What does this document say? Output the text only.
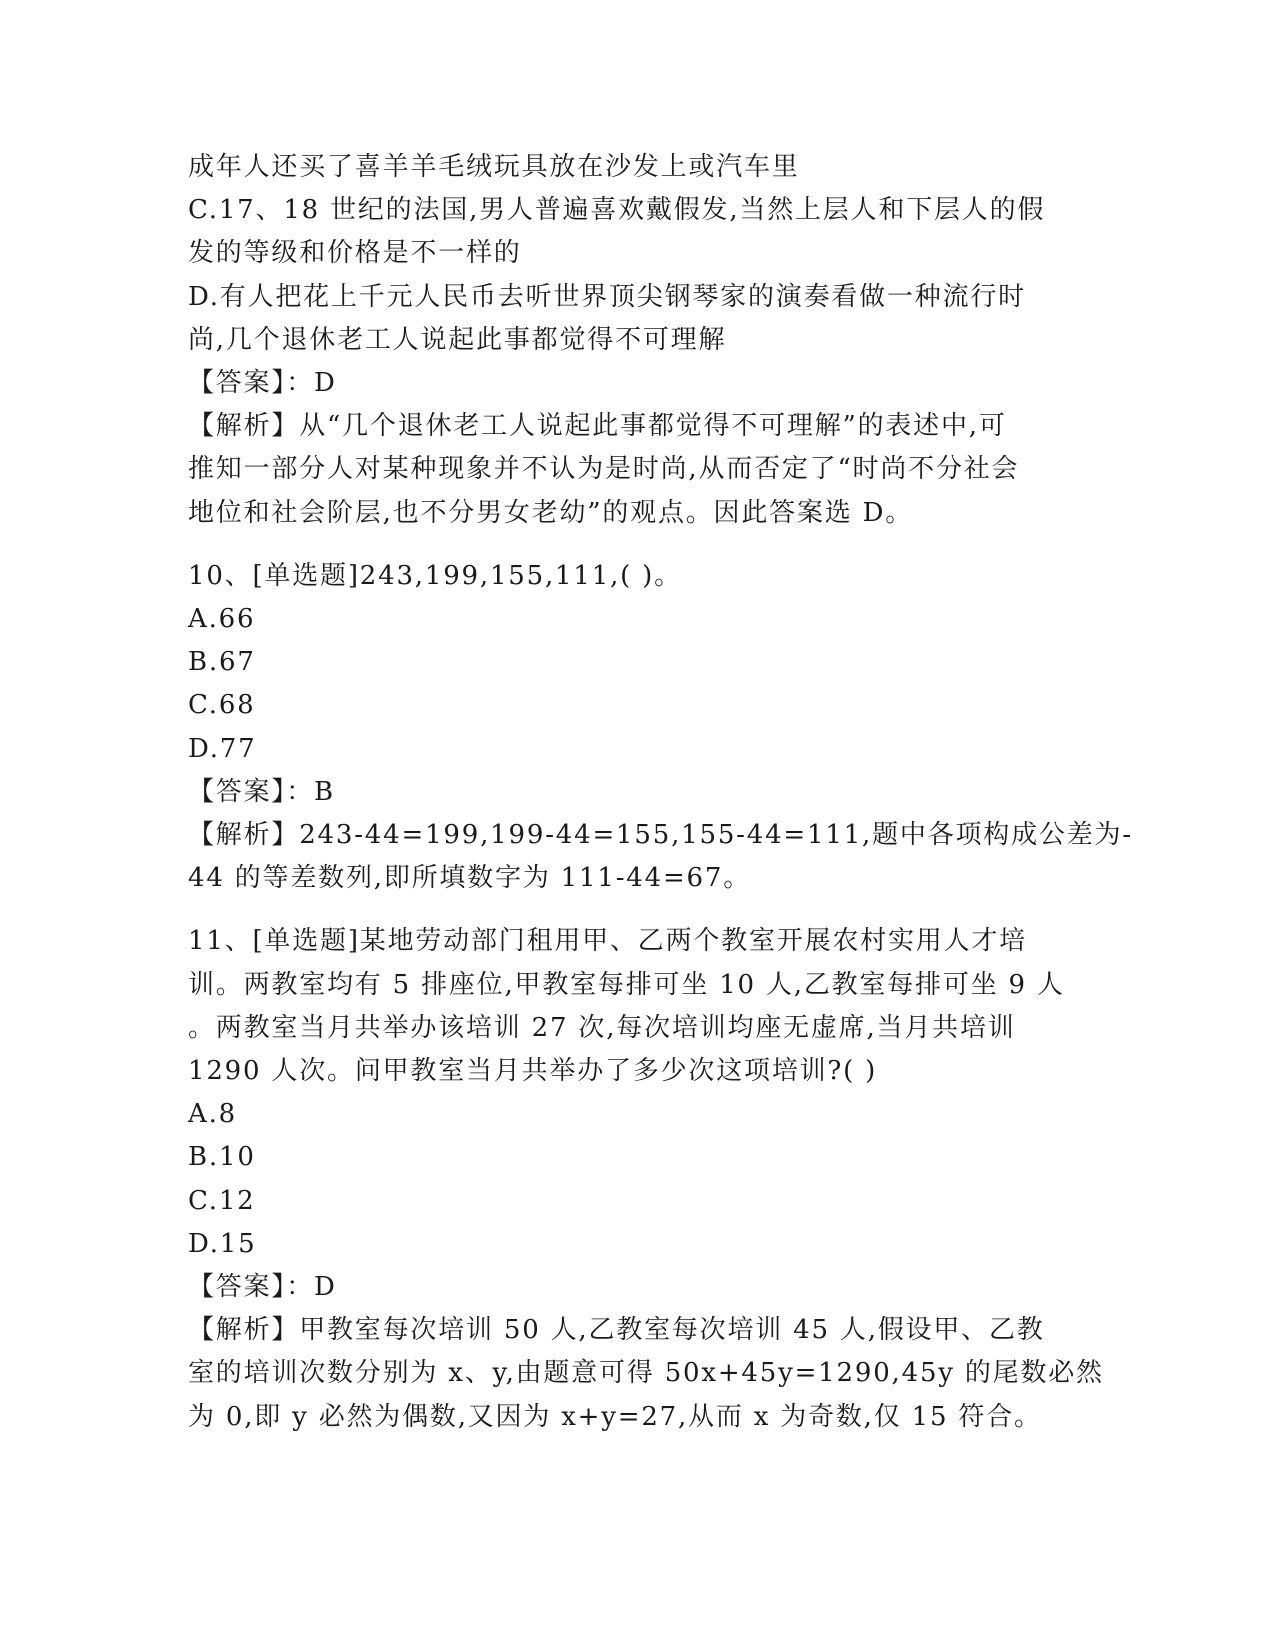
成年人还买了喜羊羊毛绒玩具放在沙发上或汽车里
C.17、18 世纪的法国,男人普遍喜欢戴假发,当然上层人和下层人的假
发的等级和价格是不一样的
D.有人把花上千元人民币去听世界顶尖钢琴家的演奏看做一种流行时
尚,几个退休老工人说起此事都觉得不可理解
【答案】：D
【解析】从“几个退休老工人说起此事都觉得不可理解”的表述中,可
推知一部分人对某种现象并不认为是时尚,从而否定了“时尚不分社会
地位和社会阶层,也不分男女老幼”的观点。因此答案选 D。
10、[单选题]243,199,155,111,( )。
A.66
B.67
C.68
D.77
【答案】：B
【解析】243-44=199,199-44=155,155-44=111,题中各项构成公差为-
44 的等差数列,即所填数字为 111-44=67。
11、[单选题]某地劳动部门租用甲、乙两个教室开展农村实用人才培
训。两教室均有 5 排座位,甲教室每排可坐 10 人,乙教室每排可坐 9 人
。两教室当月共举办该培训 27 次,每次培训均座无虚席,当月共培训
1290 人次。问甲教室当月共举办了多少次这项培训?( )
A.8
B.10
C.12
D.15
【答案】：D
【解析】甲教室每次培训 50 人,乙教室每次培训 45 人,假设甲、乙教
室的培训次数分别为 x、y,由题意可得 50x+45y=1290,45y 的尾数必然
为 0,即 y 必然为偶数,又因为 x+y=27,从而 x 为奇数,仅 15 符合。
